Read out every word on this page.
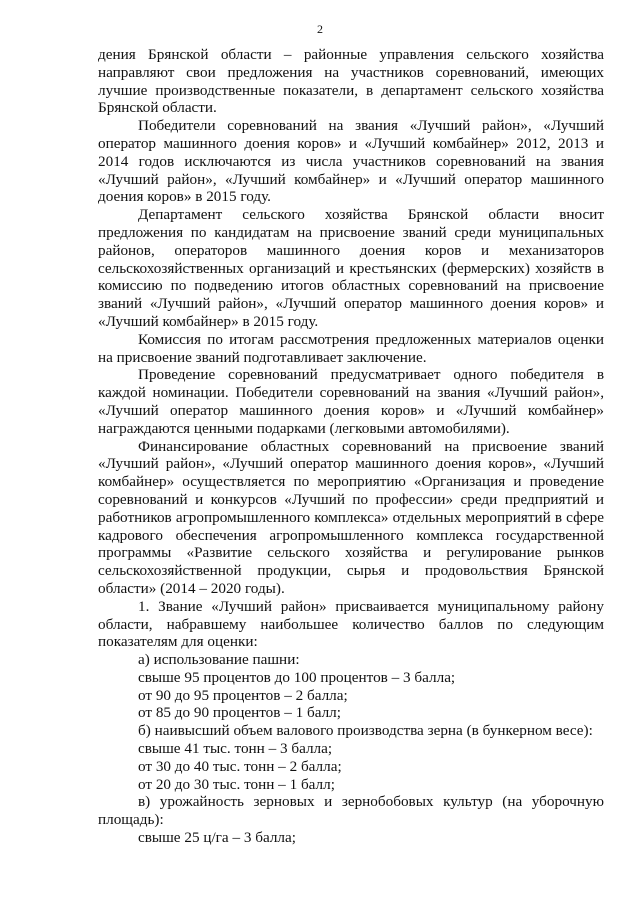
2

дения Брянской области – районные управления сельского хозяйства направляют свои предложения на участников соревнований, имеющих лучшие производственные показатели, в департамент сельского хозяйства Брянской области.

Победители соревнований на звания «Лучший район», «Лучший оператор машинного доения коров» и «Лучший комбайнер» 2012, 2013 и 2014 годов исключаются из числа участников соревнований на звания «Лучший район», «Лучший комбайнер» и «Лучший оператор машинного доения коров» в 2015 году.

Департамент сельского хозяйства Брянской области вносит предложения по кандидатам на присвоение званий среди муниципальных районов, операторов машинного доения коров и механизаторов сельскохозяйственных организаций и крестьянских (фермерских) хозяйств в комиссию по подведению итогов областных соревнований на присвоение званий «Лучший район», «Лучший оператор машинного доения коров» и «Лучший комбайнер» в 2015 году.

Комиссия по итогам рассмотрения предложенных материалов оценки на присвоение званий подготавливает заключение.

Проведение соревнований предусматривает одного победителя в каждой номинации. Победители соревнований на звания «Лучший район», «Лучший оператор машинного доения коров» и «Лучший комбайнер» награждаются ценными подарками (легковыми автомобилями).

Финансирование областных соревнований на присвоение званий «Лучший район», «Лучший оператор машинного доения коров», «Лучший комбайнер» осуществляется по мероприятию «Организация и проведение соревнований и конкурсов «Лучший по профессии» среди предприятий и работников агропромышленного комплекса» отдельных мероприятий в сфере кадрового обеспечения агропромышленного комплекса государственной программы «Развитие сельского хозяйства и регулирование рынков сельскохозяйственной продукции, сырья и продовольствия Брянской области» (2014 – 2020 годы).

1. Звание «Лучший район» присваивается муниципальному району области, набравшему наибольшее количество баллов по следующим показателям для оценки:

а) использование пашни:

свыше 95 процентов до 100 процентов – 3 балла;

от 90 до 95 процентов – 2 балла;

от 85 до 90 процентов – 1 балл;

б) наивысший объем валового производства зерна (в бункерном весе):

свыше 41 тыс. тонн – 3 балла;

от 30 до 40 тыс. тонн – 2 балла;

от 20 до 30 тыс. тонн – 1 балл;

в) урожайность зерновых и зернобобовых культур (на уборочную площадь):

свыше 25 ц/га – 3 балла;
